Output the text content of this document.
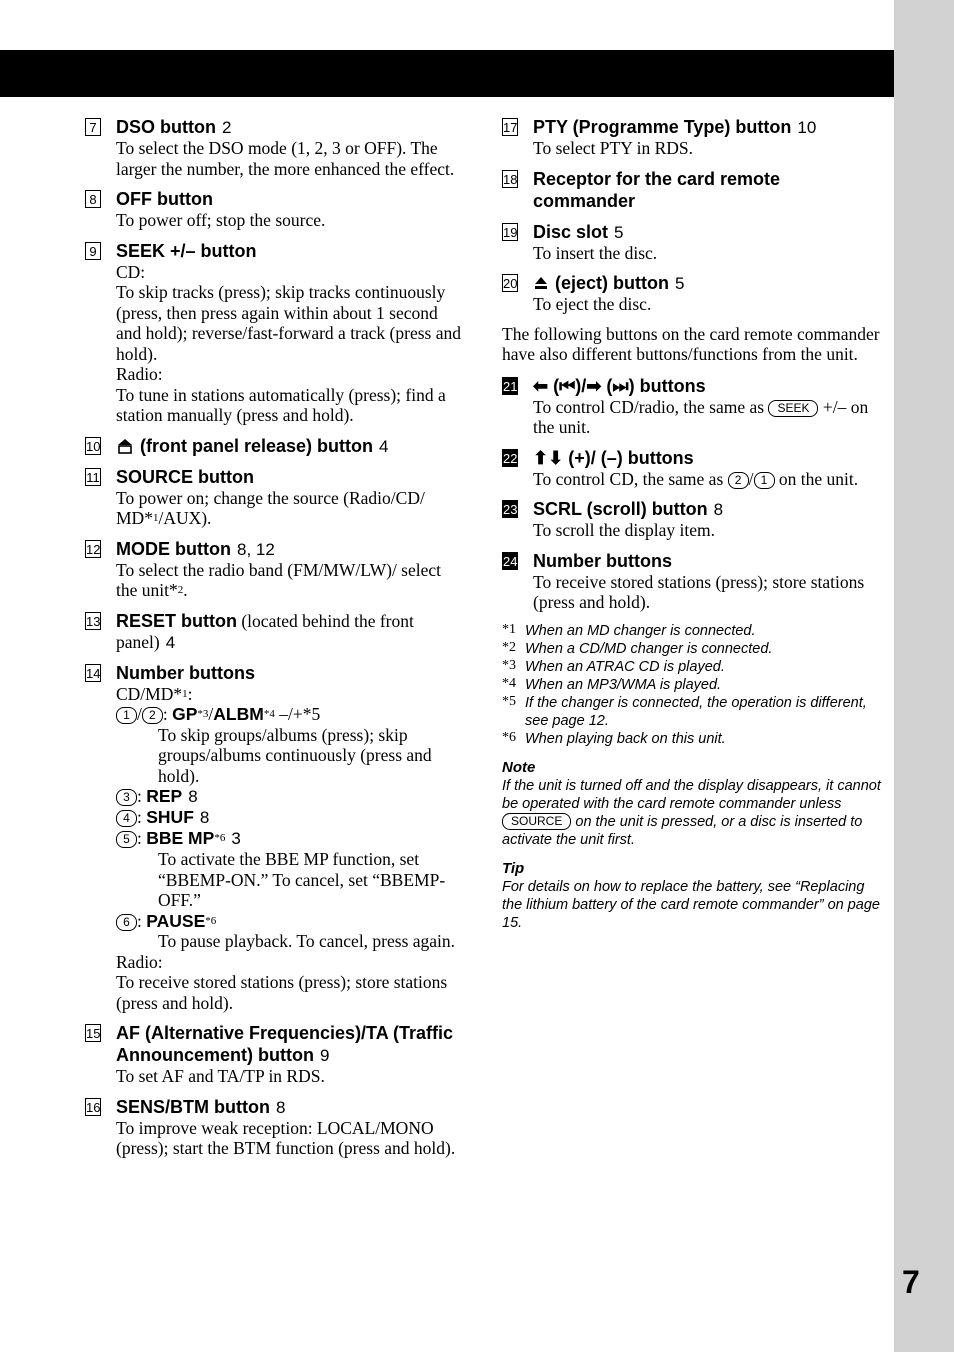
7
7 DSO button 2
To select the DSO mode (1, 2, 3 or OFF). The larger the number, the more enhanced the effect.
8 OFF button
To power off; stop the source.
9 SEEK +/– button
CD:
To skip tracks (press); skip tracks continuously (press, then press again within about 1 second and hold); reverse/fast-forward a track (press and hold).
Radio:
To tune in stations automatically (press); find a station manually (press and hold).
10	(front panel release) button 4
11 SOURCE button
To power on; change the source (Radio/CD/ MD*$^1$/AUX).
12 MODE button 8, 12
To select the radio band (FM/MW/LW)/ select the unit*$^2$.
13 RESET button (located behind the front panel) 4
14 Number buttons
CD/MD*$^1$:
1 / 2 : GP$^{*3}$/ALBM$^{*4}$ –/+*5
To skip groups/albums (press); skip groups/albums continuously (press and hold).
3 : REP 8
4 : SHUF 8
5 : BBE MP$^{*6}$ 3
To activate the BBE MP function, set “BBEMP-ON.” To cancel, set “BBEMP-OFF.”
6 : PAUSE$^{*6}$
To pause playback. To cancel, press again.
Radio:
To receive stored stations (press); store stations (press and hold).
15 AF (Alternative Frequencies)/TA (Traffic Announcement) button 9
To set AF and TA/TP in RDS.
16 SENS/BTM button 8
To improve weak reception: LOCAL/MONO (press); start the BTM function (press and hold).
17 PTY (Programme Type) button 10
To select PTY in RDS.
18 Receptor for the card remote commander
19 Disc slot 5
To insert the disc.
20	(eject) button 5
To eject the disc.
The following buttons on the card remote commander have also different buttons/functions from the unit.
21 ⬅ (⏮)/➡ (⏭) buttons
To control CD/radio, the same as SEEK +/– on the unit.
22 ⬆⬇ (+)/ (–) buttons
To control CD, the same as 2 / 1 on the unit.
23 SCRL (scroll) button 8
To scroll the display item.
24 Number buttons
To receive stored stations (press); store stations (press and hold).
*1 When an MD changer is connected.
*2 When a CD/MD changer is connected.
*3 When an ATRAC CD is played.
*4 When an MP3/WMA is played.
*5 If the changer is connected, the operation is different, see page 12.
*6 When playing back on this unit.
Note
If the unit is turned off and the display disappears, it cannot be operated with the card remote commander unless SOURCE on the unit is pressed, or a disc is inserted to activate the unit first.
Tip
For details on how to replace the battery, see “Replacing the lithium battery of the card remote commander” on page 15.
